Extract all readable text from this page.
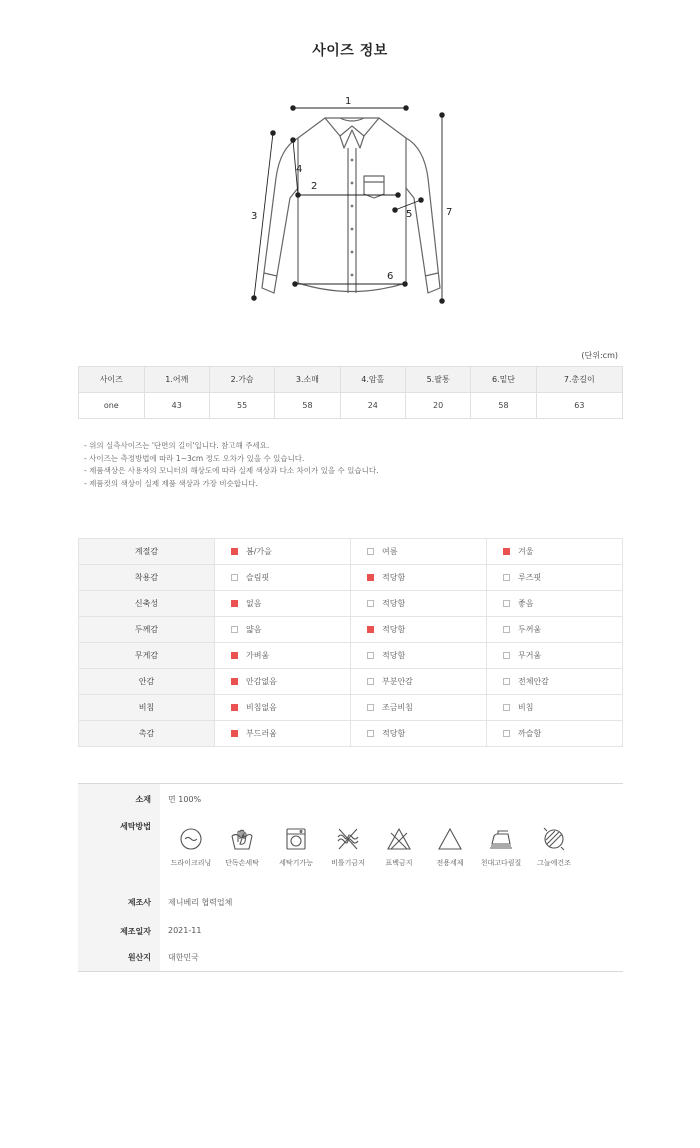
사이즈 정보
1
2
3
4
5
6
7
(단위:cm)
사이즈	1.어깨	2.가슴	3.소매	4.암홀	5.팔통	6.밑단	7.총길이
one	43	55	58	24	20	58	63
- 위의 실측사이즈는 '단면의 길이'입니다. 참고해 주세요.
- 사이즈는 측정방법에 따라 1~3cm 정도 오차가 있을 수 있습니다.
- 제품색상은 사용자의 모니터의 해상도에 따라 실제 색상과 다소 차이가 있을 수 있습니다.
- 제품컷의 색상이 실제 제품 색상과 가장 비슷합니다.
계절감	봄/가을	여름	겨울
착용감	슬림핏	적당함	루즈핏
신축성	없음	적당함	좋음
두께감	얇음	적당함	두꺼움
무게감	가벼움	적당함	무거움
안감	안감없음	부분안감	전체안감
비침	비침없음	조금비침	비침
촉감	부드러움	적당함	까슬함
소재 면 100%
세탁방법
제조사 제니베리 협력업체
제조일자 2021-11
원산지 대한민국
드라이크리닝	단독손세탁	세탁기가능	비틀기금지	표백금지	전용세제	천대고다림질	그늘에건조
